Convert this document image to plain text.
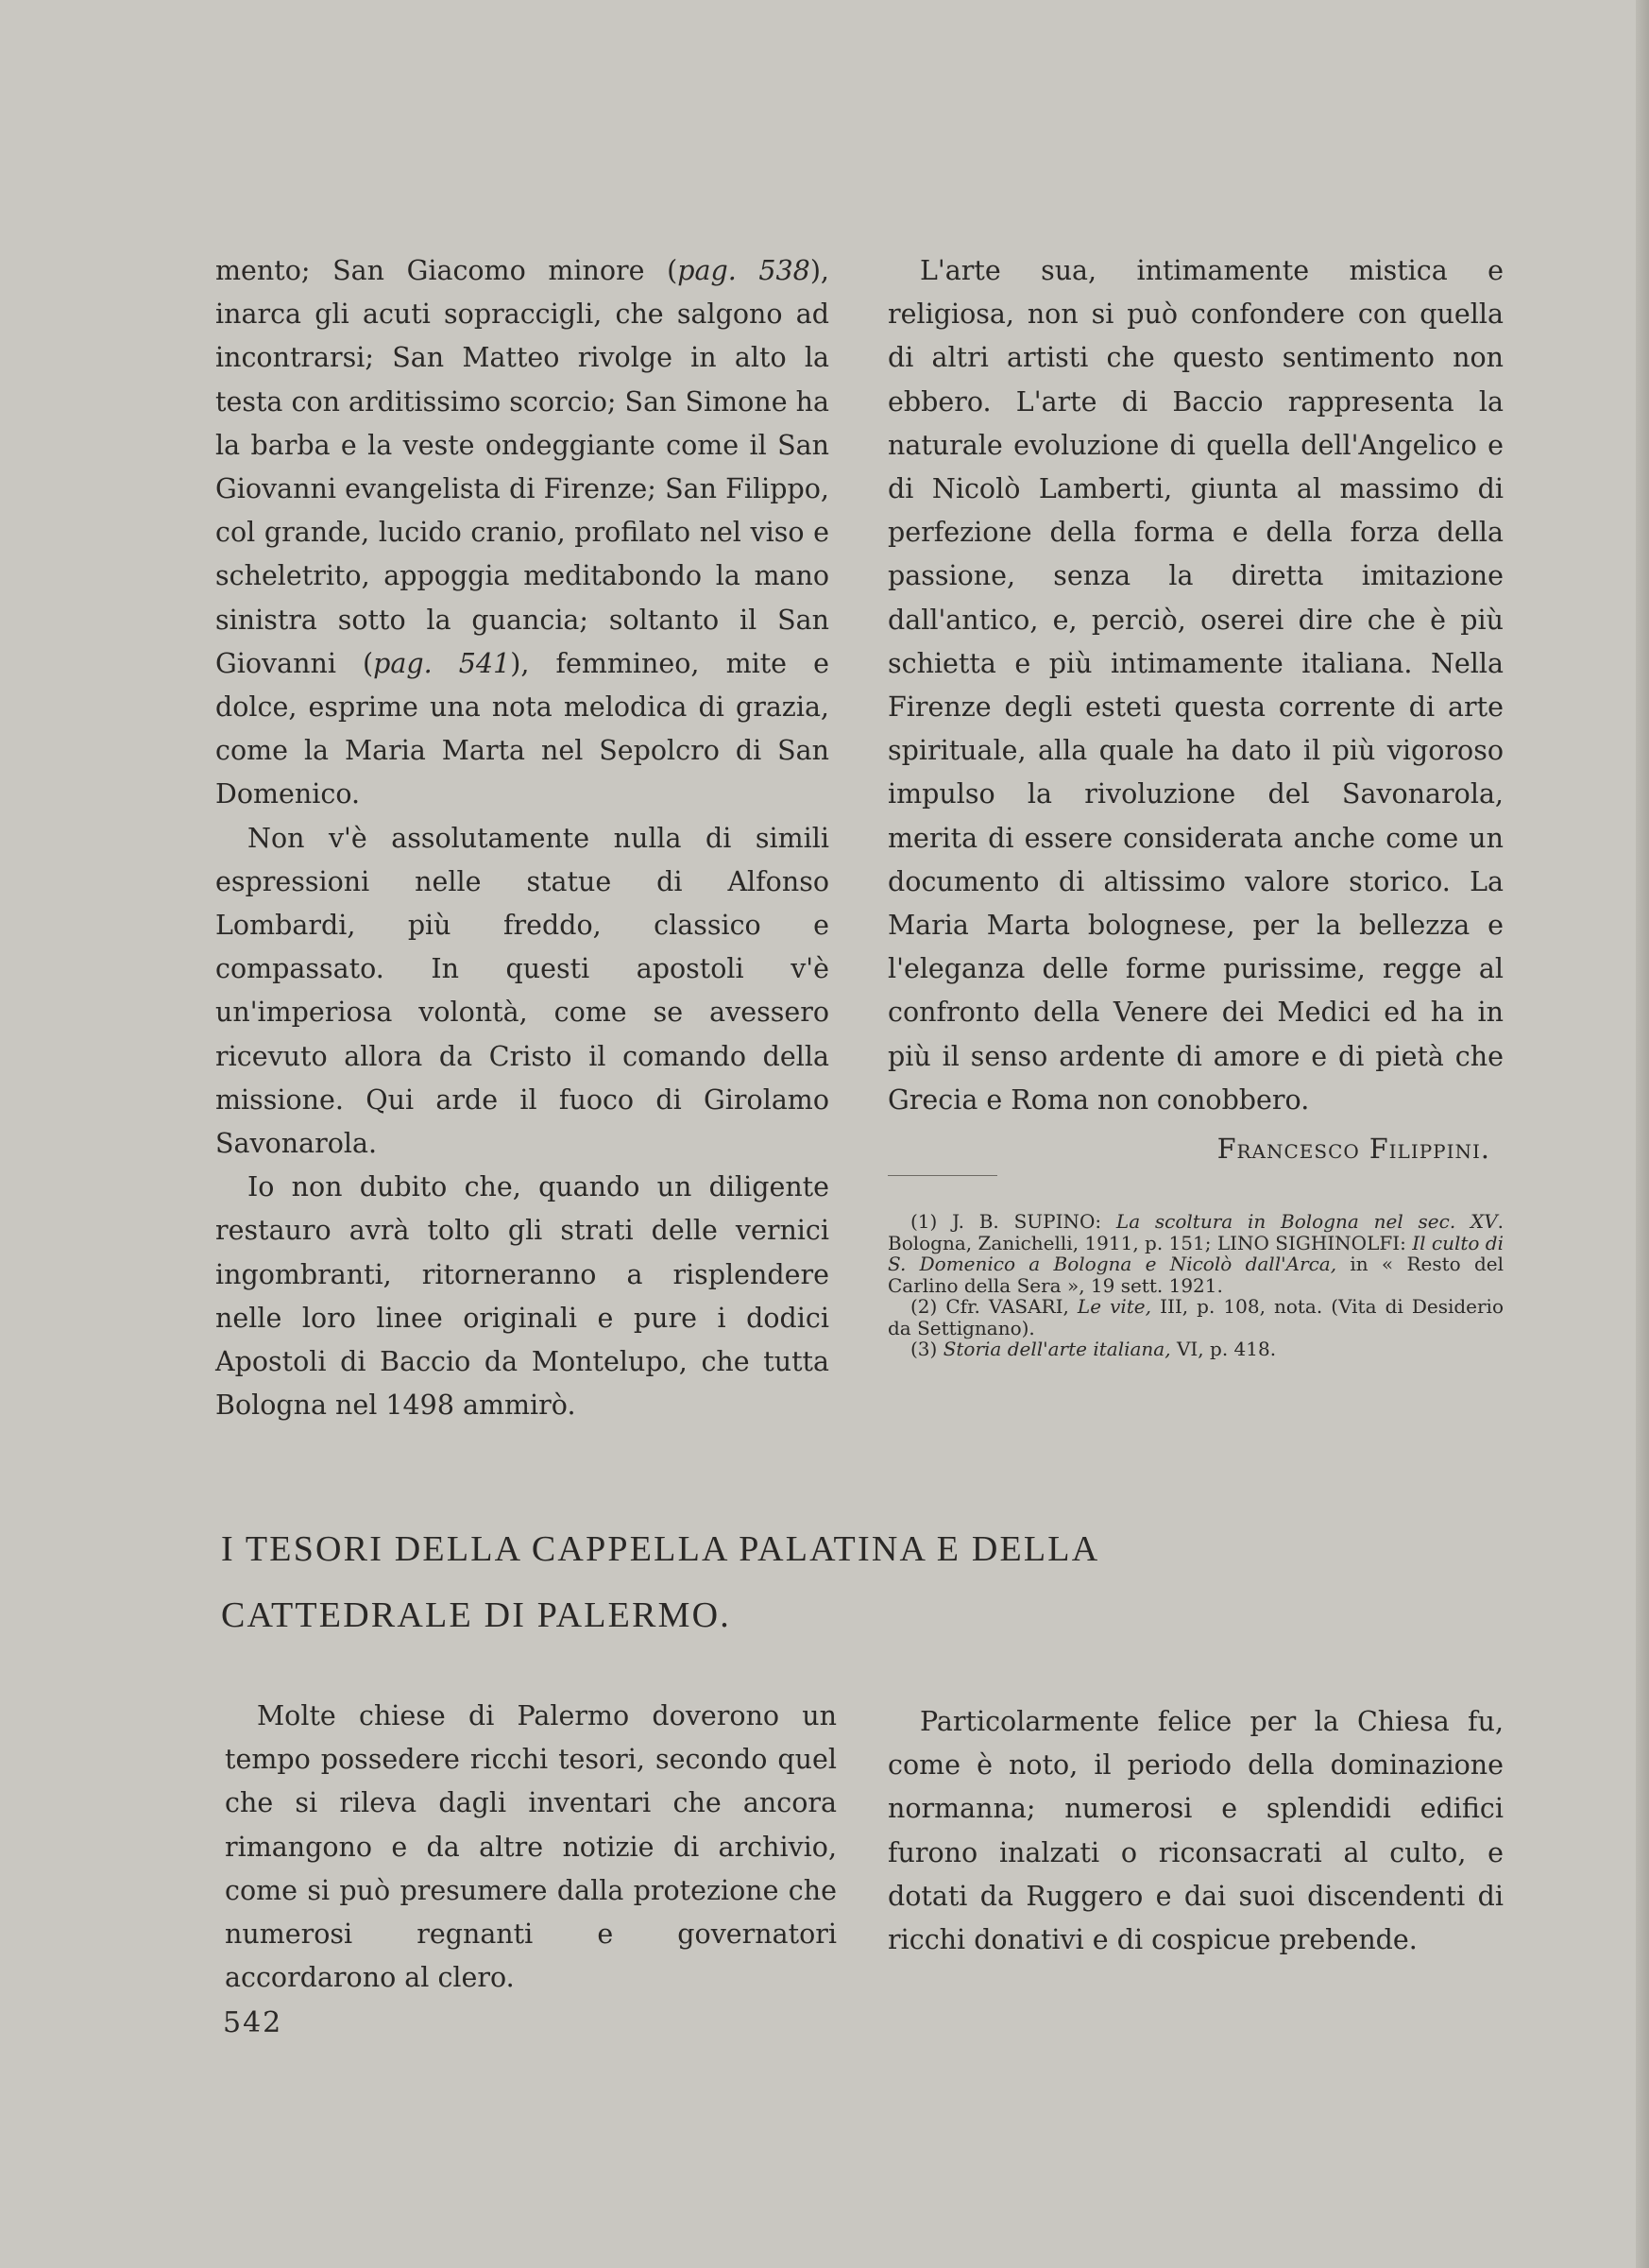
mento; San Giacomo minore (pag. 538), inarca gli acuti sopraccigli, che salgono ad incontrarsi; San Matteo rivolge in alto la testa con arditissimo scorcio; San Simone ha la barba e la veste ondeggiante come il San Giovanni evangelista di Firenze; San Filippo, col grande, lucido cranio, profilato nel viso e scheletrito, appoggia meditabondo la mano sinistra sotto la guancia; soltanto il San Giovanni (pag. 541), femmineo, mite e dolce, esprime una nota melodica di grazia, come la Maria Marta nel Sepolcro di San Domenico.

Non v'è assolutamente nulla di simili espressioni nelle statue di Alfonso Lombardi, più freddo, classico e compassato. In questi apostoli v'è un'imperiosa volontà, come se avessero ricevuto allora da Cristo il comando della missione. Qui arde il fuoco di Girolamo Savonarola.

Io non dubito che, quando un diligente restauro avrà tolto gli strati delle vernici ingombranti, ritorneranno a risplendere nelle loro linee originali e pure i dodici Apostoli di Baccio da Montelupo, che tutta Bologna nel 1498 ammirò.

L'arte sua, intimamente mistica e religiosa, non si può confondere con quella di altri artisti che questo sentimento non ebbero. L'arte di Baccio rappresenta la naturale evoluzione di quella dell'Angelico e di Nicolò Lamberti, giunta al massimo di perfezione della forma e della forza della passione, senza la diretta imitazione dall'antico, e, perciò, oserei dire che è più schietta e più intimamente italiana. Nella Firenze degli esteti questa corrente di arte spirituale, alla quale ha dato il più vigoroso impulso la rivoluzione del Savonarola, merita di essere considerata anche come un documento di altissimo valore storico. La Maria Marta bolognese, per la bellezza e l'eleganza delle forme purissime, regge al confronto della Venere dei Medici ed ha in più il senso ardente di amore e di pietà che Grecia e Roma non conobbero.

Francesco Filippini.

(1) J. B. SUPINO: La scoltura in Bologna nel sec. XV. Bologna, Zanichelli, 1911, p. 151; LINO SIGHINOLFI: Il culto di S. Domenico a Bologna e Nicolò dall'Arca, in « Resto del Carlino della Sera », 19 sett. 1921.

(2) Cfr. VASARI, Le vite, III, p. 108, nota. (Vita di Desiderio da Settignano).

(3) Storia dell'arte italiana, VI, p. 418.

I TESORI DELLA CAPPELLA PALATINA E DELLA
CATTEDRALE DI PALERMO.

Molte chiese di Palermo doverono un tempo possedere ricchi tesori, secondo quel che si rileva dagli inventari che ancora rimangono e da altre notizie di archivio, come si può presumere dalla protezione che numerosi regnanti e governatori accordarono al clero.

Particolarmente felice per la Chiesa fu, come è noto, il periodo della dominazione normanna; numerosi e splendidi edifici furono inalzati o riconsacrati al culto, e dotati da Ruggero e dai suoi discendenti di ricchi donativi e di cospicue prebende.

542
